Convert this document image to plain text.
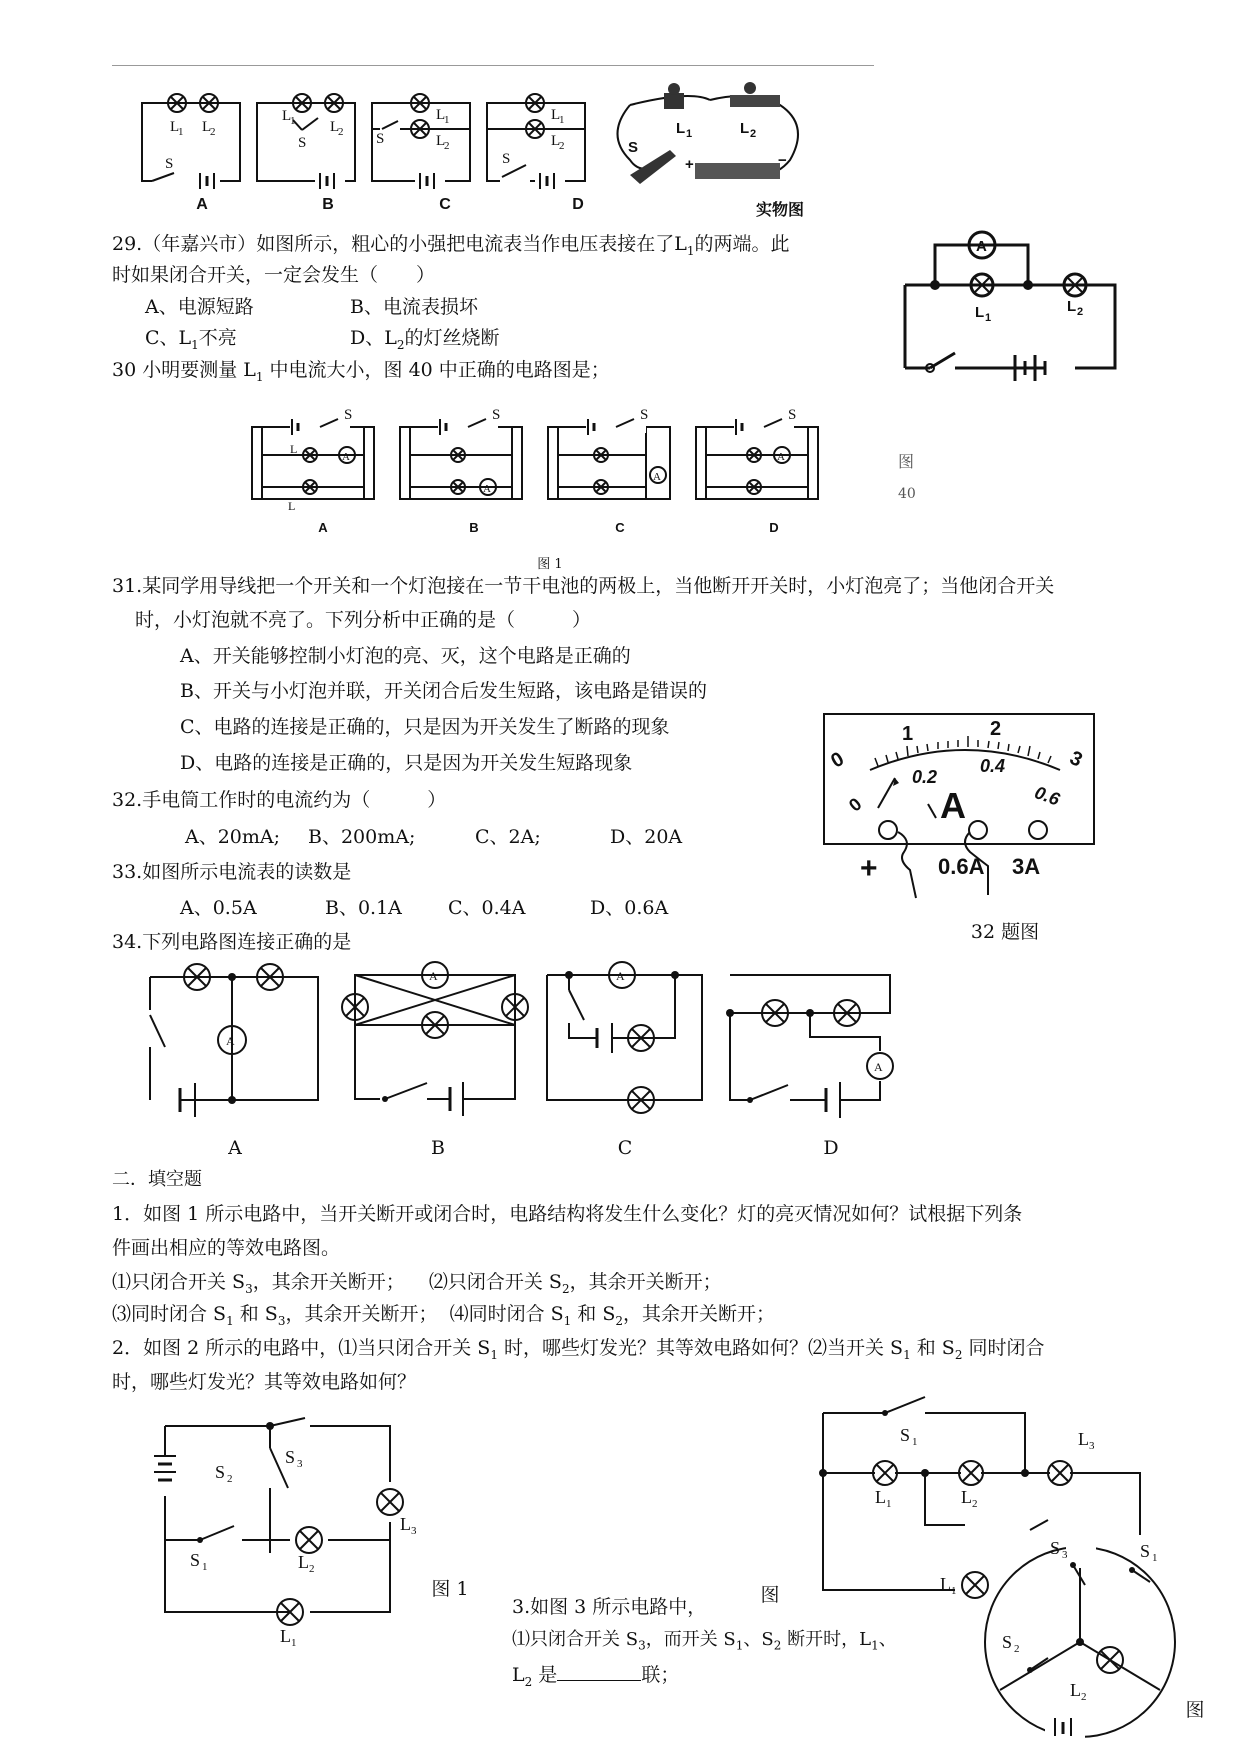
L
1 L
2
S
L
1 L
2
S
L
1
L
2
S
L
1
L
2
S
L 1	L 2
S
+	−
A	B	C	D	实物图
29.（年嘉兴市）如图所示，粗心的小强把电流表当作电压表接在了$L_1$的两端。此
时如果闭合开关，一定会发生（　　）
A、电源短路	B、电流表损坏
C、$L_1$不亮	D、$L_2$的灯丝烧断
A
L 1
L 2
30 小明要测量 $L_1$ 中电流大小，图 40 中正确的电路图是；
S
A
L
L
S
A
S
A
S
A
A	B	C	D
图 1
图
40
31.某同学用导线把一个开关和一个灯泡接在一节干电池的两极上，当他断开开关时，小灯泡亮了；当他闭合开关
时，小灯泡就不亮了。下列分析中正确的是（　　　）
A、开关能够控制小灯泡的亮、灭，这个电路是正确的
B、开关与小灯泡并联，开关闭合后发生短路，该电路是错误的
C、电路的连接是正确的，只是因为开关发生了断路的现象
D、电路的连接是正确的，只是因为开关发生短路现象
32.手电筒工作时的电流约为（　　　）
A、20mA; B、200mA;	C、2A;	D、20A
33.如图所示电流表的读数是
A、0.5A	B、0.1A C、0.4A	D、0.6A
0
1	2
3
0.2
0.4
0.6
0 A
+	0.6A 3A
32 题图
34.下列电路图连接正确的是
A
A	A
A
A	B	C	D
二．填空题
1．如图 1 所示电路中，当开关断开或闭合时，电路结构将发生什么变化？灯的亮灭情况如何？试根据下列条
件画出相应的等效电路图。
⑴只闭合开关 $S_3$，其余开关断开； ⑵只闭合开关 $S_2$，其余开关断开；
⑶同时闭合 $S_1$ 和 $S_3$，其余开关断开； ⑷同时闭合 $S_1$ 和 $S_2$，其余开关断开；
2．如图 2 所示的电路中，⑴当只闭合开关 $S_1$ 时，哪些灯发光？其等效电路如何？⑵当开关 $S_1$ 和 $S_2$ 同时闭合
时，哪些灯发光？其等效电路如何？
S 3
S 2
L 3
S 1	L 2
L 1
图 1
S 1
L 1	L 2
L 3
图
S 3	S 1
S 2
L 2
L 1
图
3.如图 3 所示电路中，
⑴只闭合开关 $S_3$，而开关 $S_1$、$S_2$ 断开时，$L_1$、
$L_2$ 是	联；
